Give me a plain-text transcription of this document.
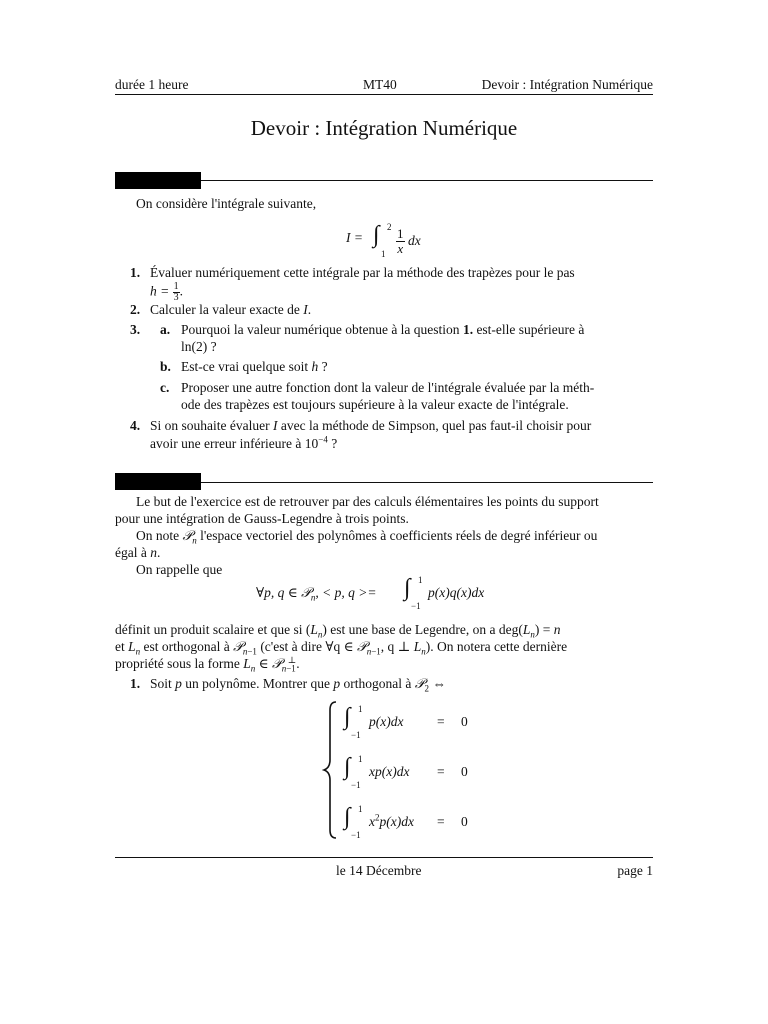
durée 1 heure	MT40	Devoir : Intégration Numérique
Devoir : Intégration Numérique
On considère l'intégrale suivante,
I = ∫ 2
$1 \frac{1}{x}$ dx
1. Évaluer numériquement cette intégrale par la méthode des trapèzes pour le pas
$h = \frac{1}{3}$ .
2. Calculer la valeur exacte de I.
3. a. Pourquoi la valeur numérique obtenue à la question 1. est-elle supérieure à
ln(2) ?
b. Est-ce vrai quelque soit h ?
c. Proposer une autre fonction dont la valeur de l'intégrale évaluée par la méth-
ode des trapèzes est toujours supérieure à la valeur exacte de l'intégrale.
4. Si on souhaite évaluer I avec la méthode de Simpson, quel pas faut-il choisir pour
avoir une erreur inférieure à $10^{-4}$ ?
Le but de l'exercice est de retrouver par des calculs élémentaires les points du support
pour une intégration de Gauss-Legendre à trois points.
On note 𝒫$_n$ l'espace vectoriel des polynômes à coefficients réels de degré inférieur ou
égal à n.
On rappelle que
∀p, q ∈ 𝒫$_n$, < p, q >= ∫ 1
−1
p(x)q(x)dx
définit un produit scalaire et que si $(L_n)$ est une base de Legendre, on a $deg(L_n) = n$
et $L_n$ est orthogonal à 𝒫$_{n-1}$ (c'est à dire ∀q ∈ 𝒫$_{n-1}$, q ⊥ $L_n$). On notera cette dernière
propriété sous la forme $L_n$ ∈ 𝒫$_{n-1}$⊥.
1. Soit p un polynôme. Montrer que p orthogonal à 𝒫$_2$ ⇔
∫ 1
−1
p(x)dx = 0
∫ 1
−1
xp(x)dx = 0
∫ 1
−1
$x^2p(x)dx = 0$
le 14 Décembre	page 1
